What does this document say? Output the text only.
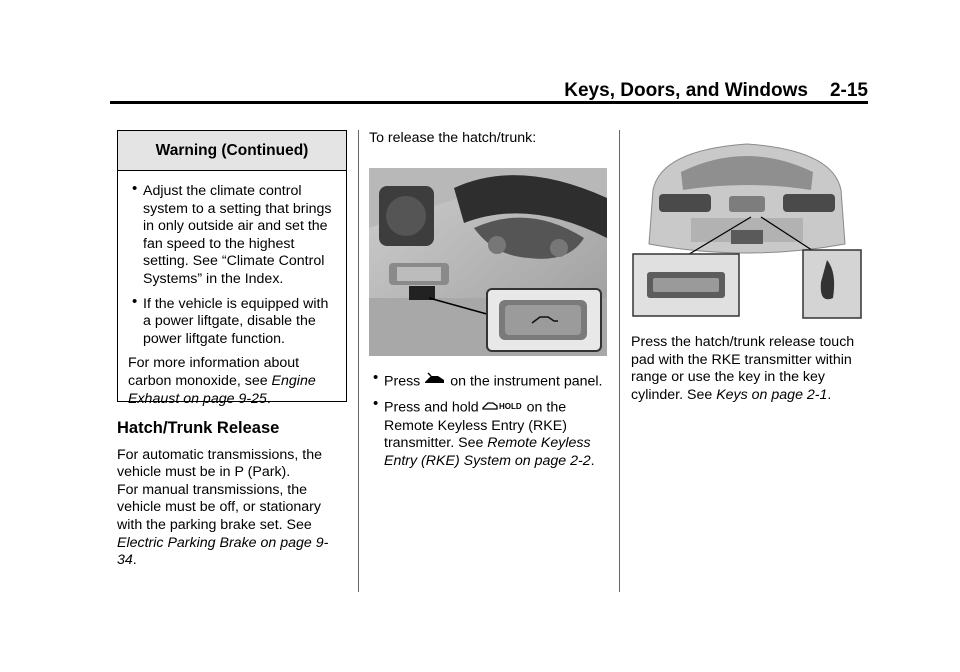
Keys, Doors, and Windows 2-15
Warning (Continued)
• Adjust the climate control system to a setting that brings in only outside air and set the fan speed to the highest setting. See “Climate Control Systems” in the Index.
• If the vehicle is equipped with a power liftgate, disable the power liftgate function.

For more information about carbon monoxide, see Engine Exhaust on page 9-25.

Hatch/Trunk Release

For automatic transmissions, the vehicle must be in P (Park).

For manual transmissions, the vehicle must be off, or stationary with the parking brake set. See Electric Parking Brake on page 9-34.

To release the hatch/trunk:

• Press on the instrument panel.
• Press and hold	HOLD on the Remote Keyless Entry (RKE) transmitter. See Remote Keyless Entry (RKE) System on page 2-2.

Press the hatch/trunk release touch pad with the RKE transmitter within range or use the key in the key cylinder. See Keys on page 2-1.
